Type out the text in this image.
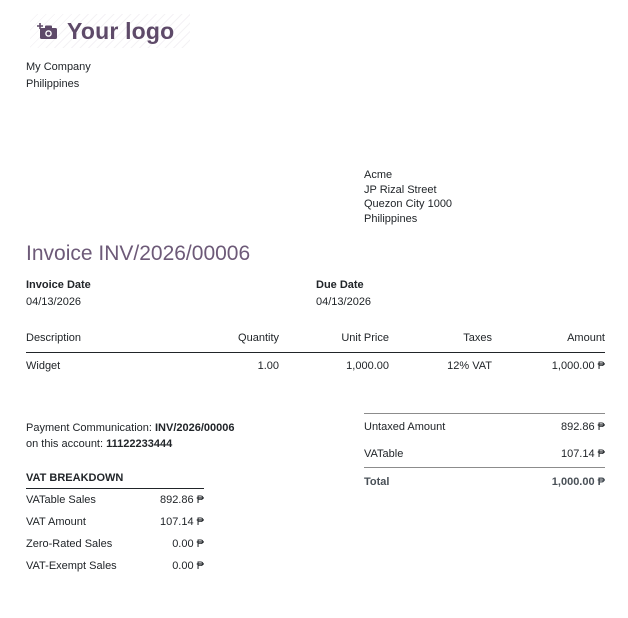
Your logo
My Company
Philippines
Acme
JP Rizal Street
Quezon City 1000
Philippines
Invoice INV/2026/00006
Invoice Date
04/13/2026
Due Date
04/13/2026
Description	Quantity	Unit Price	Taxes	Amount
Widget	1.00	1,000.00	12% VAT	1,000.00 ₱
Payment Communication: INV/2026/00006
on this account: 11122233444
Untaxed Amount	892.86 ₱
VATable	107.14 ₱
Total	1,000.00 ₱
VAT BREAKDOWN
VATable Sales	892.86 ₱
VAT Amount	107.14 ₱
Zero-Rated Sales	0.00 ₱
VAT-Exempt Sales	0.00 ₱
